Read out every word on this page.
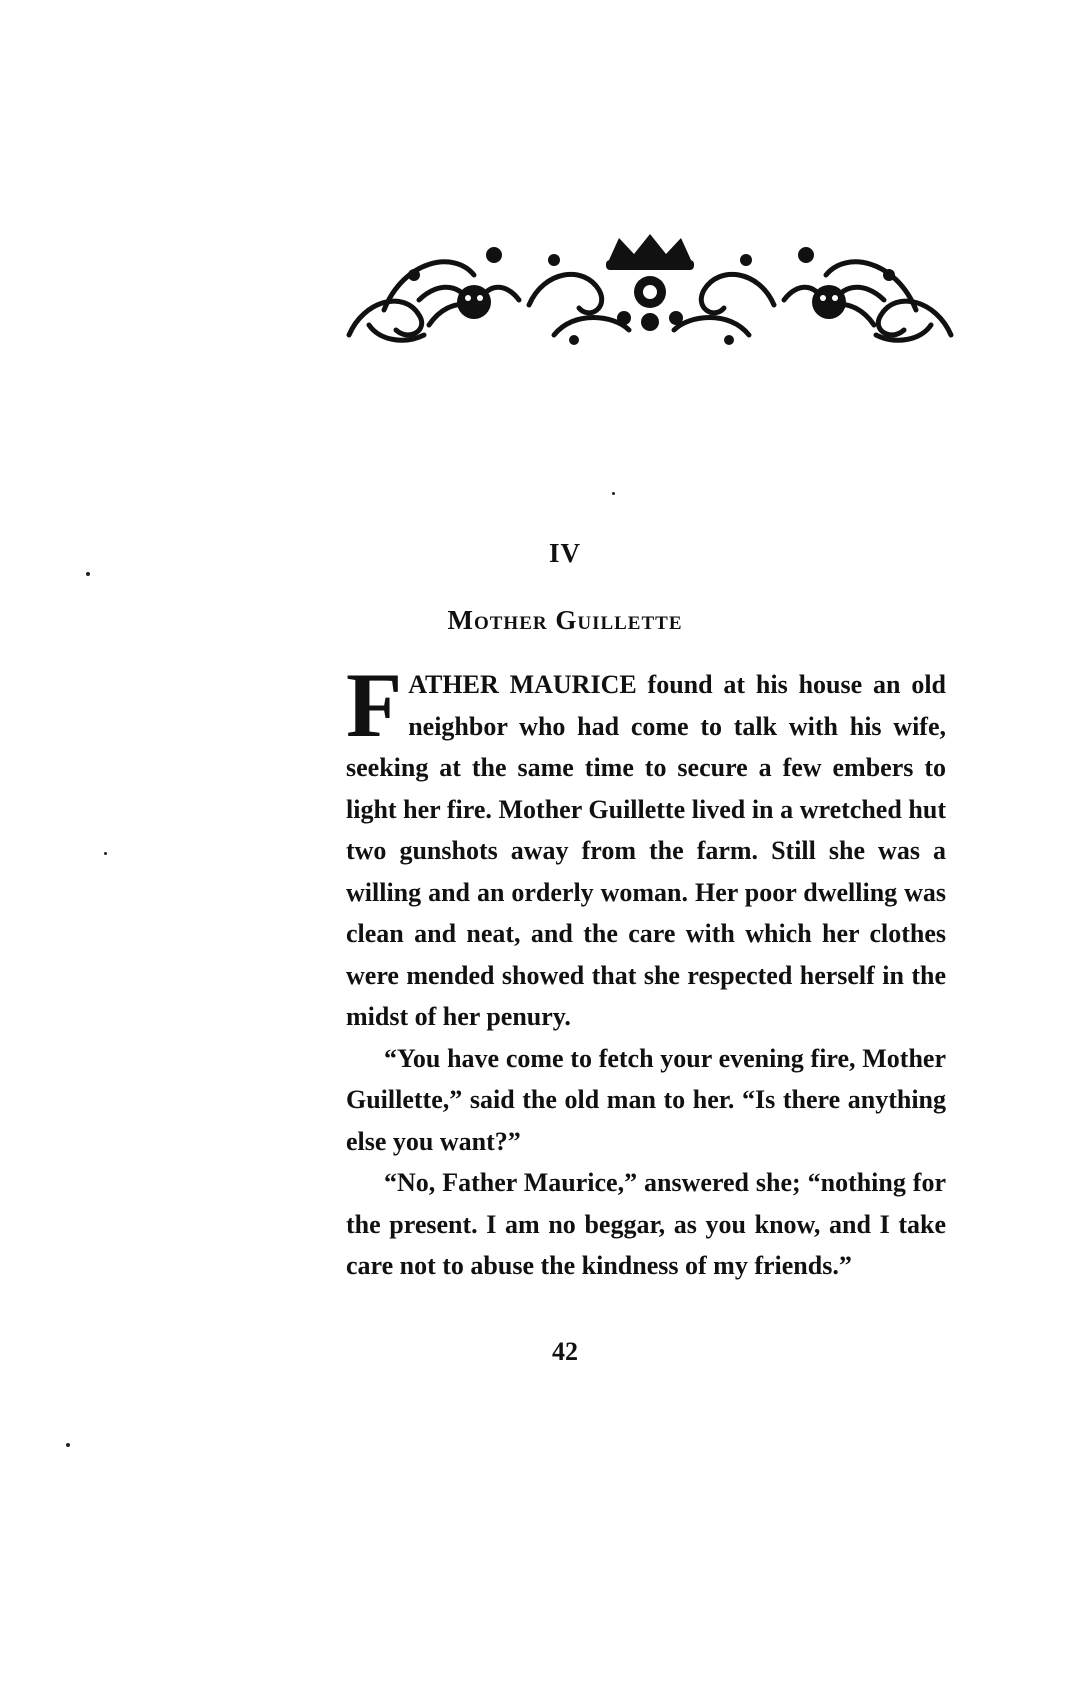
IV
Mother Guillette

FATHER MAURICE found at his house an old neighbor who had come to talk with his wife, seeking at the same time to secure a few embers to light her fire. Mother Guillette lived in a wretched hut two gunshots away from the farm. Still she was a willing and an orderly woman. Her poor dwelling was clean and neat, and the care with which her clothes were mended showed that she respected herself in the midst of her penury.

“You have come to fetch your evening fire, Mother Guillette,” said the old man to her. “Is there anything else you want?”

“No, Father Maurice,” answered she; “nothing for the present. I am no beggar, as you know, and I take care not to abuse the kindness of my friends.”

42
